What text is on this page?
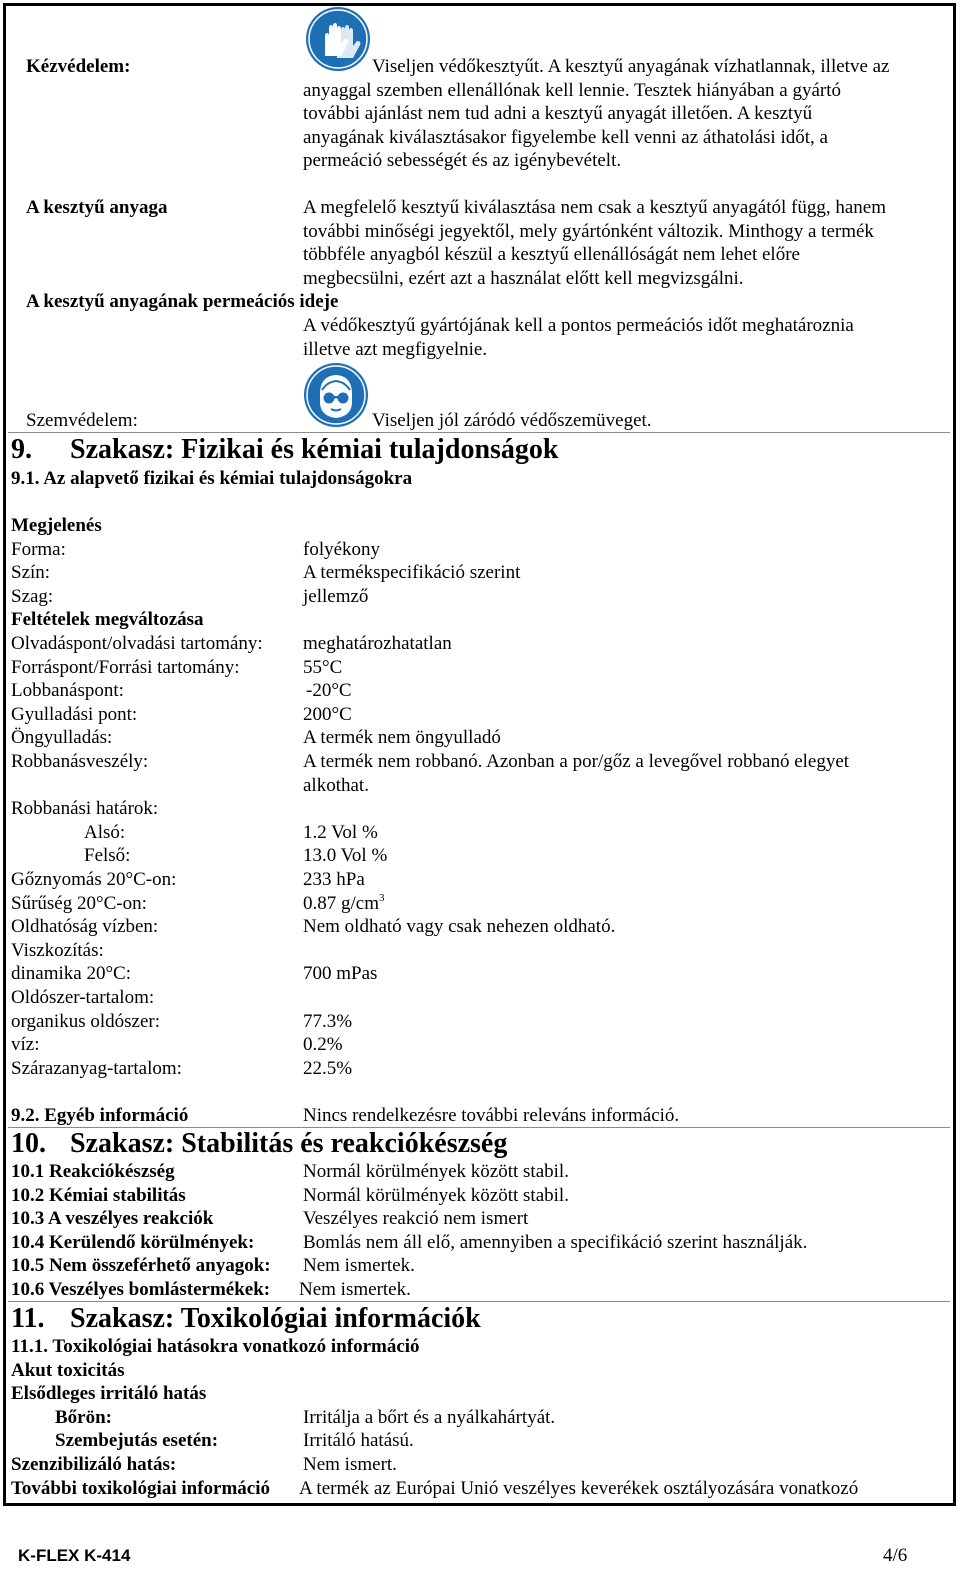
Kézvédelem:	Viseljen védőkesztyűt. A kesztyű anyagának vízhatlannak, illetve az
anyaggal szemben ellenállónak kell lennie. Tesztek hiányában a gyártó
további ajánlást nem tud adni a kesztyű anyagát illetően. A kesztyű
anyagának kiválasztásakor figyelembe kell venni az áthatolási időt, a
permeáció sebességét és az igénybevételt.
A kesztyű anyaga	A megfelelő kesztyű kiválasztása nem csak a kesztyű anyagától függ, hanem
további minőségi jegyektől, mely gyártónként változik. Minthogy a termék
többféle anyagból készül a kesztyű ellenállóságát nem lehet előre
megbecsülni, ezért azt a használat előtt kell megvizsgálni.
A kesztyű anyagának permeációs ideje
A védőkesztyű gyártójának kell a pontos permeációs időt meghatároznia
illetve azt megfigyelnie.
Szemvédelem:	Viseljen jól záródó védőszemüveget.
9. Szakasz: Fizikai és kémiai tulajdonságok
9.1. Az alapvető fizikai és kémiai tulajdonságokra
Megjelenés
Forma:	folyékony
Szín:	A termékspecifikáció szerint
Szag:	jellemző
Feltételek megváltozása
Olvadáspont/olvadási tartomány: meghatározhatatlan
Forráspont/Forrási tartomány:	55°C
Lobbanáspont:	-20°C
Gyulladási pont:	200°C
Öngyulladás:	A termék nem öngyulladó
Robbanásveszély:	A termék nem robbanó. Azonban a por/gőz a levegővel robbanó elegyet
alkothat.
Robbanási határok:
Alsó:	1.2 Vol %
Felső:	13.0 Vol %
Gőznyomás 20°C-on:	233 hPa
Sűrűség 20°C-on:	0.87 $g/cm^3$
Oldhatóság vízben:	Nem oldható vagy csak nehezen oldható.
Viszkozítás:
dinamika 20°C:	700 mPas
Oldószer-tartalom:
organikus oldószer:	77.3%
víz:	0.2%
Szárazanyag-tartalom:	22.5%
9.2. Egyéb információ	Nincs rendelkezésre további releváns információ.
10. Szakasz: Stabilitás és reakciókészség
10.1 Reakciókészség	Normál körülmények között stabil.
10.2 Kémiai stabilitás	Normál körülmények között stabil.
10.3 A veszélyes reakciók	Veszélyes reakció nem ismert
10.4 Kerülendő körülmények:	Bomlás nem áll elő, amennyiben a specifikáció szerint használják.
10.5 Nem összeférhető anyagok: Nem ismertek.
10.6 Veszélyes bomlástermékek: Nem ismertek.
11. Szakasz: Toxikológiai információk
11.1. Toxikológiai hatásokra vonatkozó információ
Akut toxicitás
Elsődleges irritáló hatás
Bőrön:	Irritálja a bőrt és a nyálkahártyát.
Szembejutás esetén:	Irritáló hatású.
Szenzibilizáló hatás:	Nem ismert.
További toxikológiai információ A termék az Európai Unió veszélyes keverékek osztályozására vonatkozó
K-FLEX K-414	4/6
